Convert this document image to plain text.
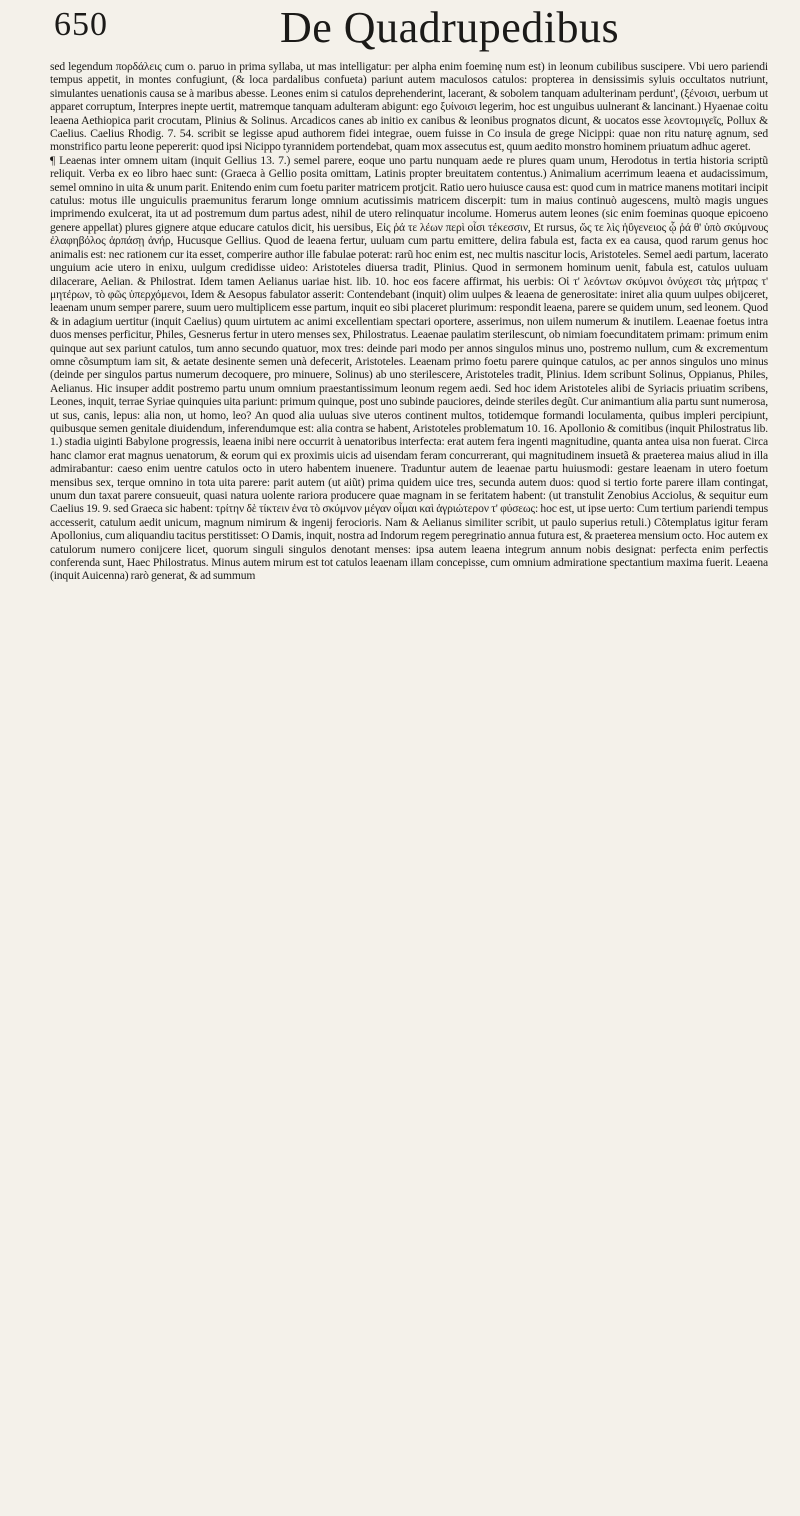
650	De Quadrupedibus

sed legendum πορδάλεις cum o. paruo in prima syllaba, ut mas intelligatur: per alpha enim foeminę num est) in leonum cubilibus suscipere. Vbi uero pariendi tempus appetit, in montes confugiunt, (& loca pardalibus confueta) pariunt autem maculosos catulos: propterea in densissimis syluis occultatos nutriunt, simulantes uenationis causa se à maribus abesse. Leones enim si catulos deprehenderint, lacerant, & sobolem tanquam adulterinam perdunt', (ξένοισι, uerbum ut apparet corruptum, Interpres inepte uertit, matremque tanquam adulteram abigunt: ego ξυίνοισι legerim, hoc est unguibus uulnerant & lancinant.) Hyaenae coitu leaena Aethiopica parit crocutam, Plinius & Solinus. Arcadicos canes ab initio ex canibus & leonibus prognatos dicunt, & uocatos esse λεοντομιγεῖς, Pollux & Caelius. Caelius Rhodig. 7. 54. scribit se legisse apud authorem fidei integrae, ouem fuisse in Co insula de grege Nicippi: quae non ritu naturę agnum, sed monstrifico partu leone pepererit: quod ipsi Nicippo tyrannidem portendebat, quam mox assecutus est, quum aedito monstro hominem priuatum adhuc ageret.

¶ Leaenas inter omnem uitam (inquit Gellius 13. 7.) semel parere, eoque uno partu nunquam aede re plures quam unum, Herodotus in tertia historia scriptũ reliquit. Verba ex eo libro haec sunt: (Graeca à Gellio posita omittam, Latinis propter breuitatem contentus.) Animalium acerrimum leaena et audacissimum, semel omnino in uita & unum parit. Enitendo enim cum foetu pariter matricem protjcit. Ratio uero huiusce causa est: quod cum in matrice manens motitari incipit catulus: motus ille unguiculis praemunitus ferarum longe omnium acutissimis matricem discerpit: tum in maius continuò augescens, multò magis ungues imprimendo exulcerat, ita ut ad postremum dum partus adest, nihil de utero relinquatur incolume. Homerus autem leones (sic enim foeminas quoque epicoeno genere appellat) plures gignere atque educare catulos dicit, his uersibus, Εἰς ῥά τε λέων περὶ οἷσι τέκεσσιν, Et rursus, ὥς τε λὶς ἠΰγενειος ᾧ ῥά θ' ὑπὸ σκύμνους ἐλαφηβόλος ἁρπάσῃ ἀνήρ, Hucusque Gellius. Quod de leaena fertur, uuluam cum partu emittere, delira fabula est, facta ex ea causa, quod rarum genus hoc animalis est: nec rationem cur ita esset, comperire author ille fabulae poterat: rarũ hoc enim est, nec multis nascitur locis, Aristoteles. Semel aedi partum, lacerato unguium acie utero in enixu, uulgum credidisse uideo: Aristoteles diuersa tradit, Plinius. Quod in sermonem hominum uenit, fabula est, catulos uuluam dilacerare, Aelian. & Philostrat. Idem tamen Aelianus uariae hist. lib. 10. hoc eos facere affirmat, his uerbis: Οἱ τ' λεόντων σκύμνοι ὀνύχεσι τὰς μήτρας τ' μητέρων, τὸ φῶς ὑπερχόμενοι, Idem & Aesopus fabulator asserit: Contendebant (inquit) olim uulpes & leaena de generositate: iniret alia quum uulpes obijceret, leaenam unum semper parere, suum uero multiplicem esse partum, inquit eo sibi placeret plurimum: respondit leaena, parere se quidem unum, sed leonem. Quod & in adagium uertitur (inquit Caelius) quum uirtutem ac animi excellentiam spectari oportere, asserimus, non uilem numerum & inutilem. Leaenae foetus intra duos menses perficitur, Philes, Gesnerus fertur in utero menses sex, Philostratus. Leaenae paulatim sterilescunt, ob nimiam foecunditatem primam: primum enim quinque aut sex pariunt catulos, tum anno secundo quatuor, mox tres: deinde pari modo per annos singulos minus uno, postremo nullum, cum & excrementum omne cõsumptum iam sit, & aetate desinente semen unà defecerit, Aristoteles. Leaenam primo foetu parere quinque catulos, ac per annos singulos uno minus (deinde per singulos partus numerum decoquere, pro minuere, Solinus) ab uno sterilescere, Aristoteles tradit, Plinius. Idem scribunt Solinus, Oppianus, Philes, Aelianus. Hic insuper addit postremo partu unum omnium praestantissimum leonum regem aedi. Sed hoc idem Aristoteles alibi de Syriacis priuatim scribens, Leones, inquit, terrae Syriae quinquies uita pariunt: primum quinque, post uno subinde pauciores, deinde steriles degũt. Cur animantium alia partu sunt numerosa, ut sus, canis, lepus: alia non, ut homo, leo? An quod alia uuluas sive uteros continent multos, totidemque formandi loculamenta, quibus impleri percipiunt, quibusque semen genitale diuidendum, inferendumque est: alia contra se habent, Aristoteles problematum 10. 16. Apollonio & comitibus (inquit Philostratus lib. 1.) stadia uiginti Babylone progressis, leaena inibi nere occurrit à uenatoribus interfecta: erat autem fera ingenti magnitudine, quanta antea uisa non fuerat. Circa hanc clamor erat magnus uenatorum, & eorum qui ex proximis uicis ad uisendam feram concurrerant, qui magnitudinem insuetã & praeterea maius aliud in illa admirabantur: caeso enim uentre catulos octo in utero habentem inuenere. Traduntur autem de leaenae partu huiusmodi: gestare leaenam in utero foetum mensibus sex, terque omnino in tota uita parere: parit autem (ut aiũt) prima quidem uice tres, secunda autem duos: quod si tertio forte parere illam contingat, unum dun taxat parere consueuit, quasi natura uolente rariora producere quae magnam in se feritatem habent: (ut transtulit Zenobius Acciolus, & sequitur eum Caelius 19. 9. sed Graeca sic habent: τρίτην δὲ τίκτειν ἐνα τὸ σκύμνον μέγαν οἶμαι καὶ ἀγριώτερον τ' φύσεως: hoc est, ut ipse uerto: Cum tertium pariendi tempus accesserit, catulum aedit unicum, magnum nimirum & ingenij ferocioris. Nam & Aelianus similiter scribit, ut paulo superius retuli.) Cõtemplatus igitur feram Apollonius, cum aliquandiu tacitus perstitisset: O Damis, inquit, nostra ad Indorum regem peregrinatio annua futura est, & praeterea mensium octo. Hoc autem ex catulorum numero conijcere licet, quorum singuli singulos denotant menses: ipsa autem leaena integrum annum nobis designat: perfecta enim perfectis conferenda sunt, Haec Philostratus. Minus autem mirum est tot catulos leaenam illam concepisse, cum omnium admiratione spectantium maxima fuerit. Leaena (inquit Auicenna) rarò generat, & ad summum
